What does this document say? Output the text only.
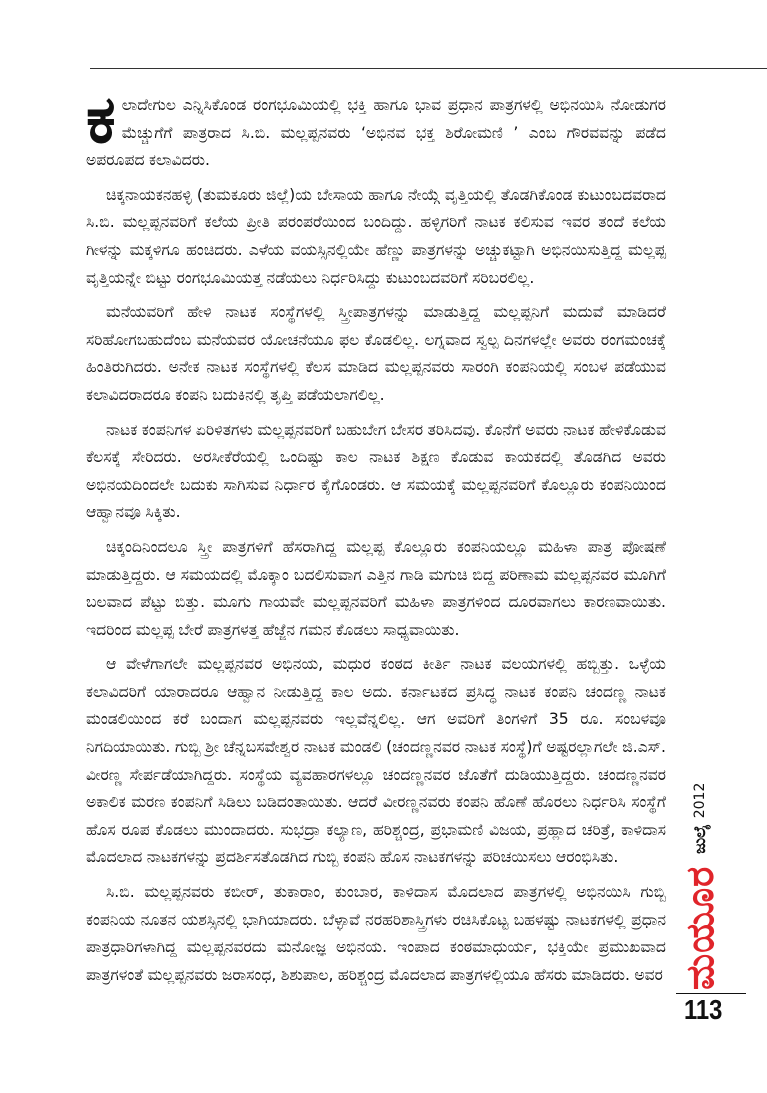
ಕಲಾದೇಗುಲ ಎನ್ನಿಸಿಕೊಂಡ ರಂಗಭೂಮಿಯಲ್ಲಿ ಭಕ್ತಿ ಹಾಗೂ ಭಾವ ಪ್ರಧಾನ ಪಾತ್ರಗಳಲ್ಲಿ ಅಭಿನಯಿಸಿ ನೋಡುಗರ ಮೆಚ್ಚುಗೆಗೆ ಪಾತ್ರರಾದ ಸಿ.ಬಿ. ಮಲ್ಲಪ್ಪನವರು ‘ಅಭಿನವ ಭಕ್ತ ಶಿರೋಮಣಿ ’ ಎಂಬ ಗೌರವವನ್ನು ಪಡೆದ ಅಪರೂಪದ ಕಲಾವಿದರು.

ಚಿಕ್ಕನಾಯಕನಹಳ್ಳಿ (ತುಮಕೂರು ಜಿಲ್ಲೆ)ಯ ಬೇಸಾಯ ಹಾಗೂ ನೇಯ್ಗೆ ವೃತ್ತಿಯಲ್ಲಿ ತೊಡಗಿಕೊಂಡ ಕುಟುಂಬದವರಾದ ಸಿ.ಬಿ. ಮಲ್ಲಪ್ಪನವರಿಗೆ ಕಲೆಯ ಪ್ರೀತಿ ಪರಂಪರೆಯಿಂದ ಬಂದಿದ್ದು. ಹಳ್ಳಿಗರಿಗೆ ನಾಟಕ ಕಲಿಸುವ ಇವರ ತಂದೆ ಕಲೆಯ ಗೀಳನ್ನು ಮಕ್ಕಳಿಗೂ ಹಂಚಿದರು. ಎಳೆಯ ವಯಸ್ಸಿನಲ್ಲಿಯೇ ಹೆಣ್ಣು ಪಾತ್ರಗಳನ್ನು ಅಚ್ಚುಕಟ್ಟಾಗಿ ಅಭಿನಯಿಸುತ್ತಿದ್ದ ಮಲ್ಲಪ್ಪ ವೃತ್ತಿಯನ್ನೇ ಬಿಟ್ಟು ರಂಗಭೂಮಿಯತ್ತ ನಡೆಯಲು ನಿರ್ಧರಿಸಿದ್ದು ಕುಟುಂಬದವರಿಗೆ ಸರಿಬರಲಿಲ್ಲ.

ಮನೆಯವರಿಗೆ ಹೇಳಿ ನಾಟಕ ಸಂಸ್ಥೆಗಳಲ್ಲಿ ಸ್ತ್ರೀಪಾತ್ರಗಳನ್ನು ಮಾಡುತ್ತಿದ್ದ ಮಲ್ಲಪ್ಪನಿಗೆ ಮದುವೆ ಮಾಡಿದರೆ ಸರಿಹೋಗಬಹುದೆಂಬ ಮನೆಯವರ ಯೋಚನೆಯೂ ಫಲ ಕೊಡಲಿಲ್ಲ. ಲಗ್ನವಾದ ಸ್ವಲ್ಪ ದಿನಗಳಲ್ಲೇ ಅವರು ರಂಗಮಂಚಕ್ಕೆ ಹಿಂತಿರುಗಿದರು. ಅನೇಕ ನಾಟಕ ಸಂಸ್ಥೆಗಳಲ್ಲಿ ಕೆಲಸ ಮಾಡಿದ ಮಲ್ಲಪ್ಪನವರು ಸಾರಂಗಿ ಕಂಪನಿಯಲ್ಲಿ ಸಂಬಳ ಪಡೆಯುವ ಕಲಾವಿದರಾದರೂ ಕಂಪನಿ ಬದುಕಿನಲ್ಲಿ ತೃಪ್ತಿ ಪಡೆಯಲಾಗಲಿಲ್ಲ.

ನಾಟಕ ಕಂಪನಿಗಳ ಏರಿಳಿತಗಳು ಮಲ್ಲಪ್ಪನವರಿಗೆ ಬಹುಬೇಗ ಬೇಸರ ತರಿಸಿದವು. ಕೊನೆಗೆ ಅವರು ನಾಟಕ ಹೇಳಿಕೊಡುವ ಕೆಲಸಕ್ಕೆ ಸೇರಿದರು. ಅರಸೀಕೆರೆಯಲ್ಲಿ ಒಂದಿಷ್ಟು ಕಾಲ ನಾಟಕ ಶಿಕ್ಷಣ ಕೊಡುವ ಕಾಯಕದಲ್ಲಿ ತೊಡಗಿದ ಅವರು ಅಭಿನಯದಿಂದಲೇ ಬದುಕು ಸಾಗಿಸುವ ನಿರ್ಧಾರ ಕೈಗೊಂಡರು. ಆ ಸಮಯಕ್ಕೆ ಮಲ್ಲಪ್ಪನವರಿಗೆ ಕೊಲ್ಲೂರು ಕಂಪನಿಯಿಂದ ಆಹ್ವಾನವೂ ಸಿಕ್ಕಿತು.

ಚಿಕ್ಕಂದಿನಿಂದಲೂ ಸ್ತ್ರೀ ಪಾತ್ರಗಳಿಗೆ ಹೆಸರಾಗಿದ್ದ ಮಲ್ಲಪ್ಪ ಕೊಲ್ಲೂರು ಕಂಪನಿಯಲ್ಲೂ ಮಹಿಳಾ ಪಾತ್ರ ಪೋಷಣೆ ಮಾಡುತ್ತಿದ್ದರು. ಆ ಸಮಯದಲ್ಲಿ ಮೊಕ್ಕಾಂ ಬದಲಿಸುವಾಗ ಎತ್ತಿನ ಗಾಡಿ ಮಗುಚಿ ಬಿದ್ದ ಪರಿಣಾಮ ಮಲ್ಲಪ್ಪನವರ ಮೂಗಿಗೆ ಬಲವಾದ ಪೆಟ್ಟು ಬಿತ್ತು. ಮೂಗು ಗಾಯವೇ ಮಲ್ಲಪ್ಪನವರಿಗೆ ಮಹಿಳಾ ಪಾತ್ರಗಳಿಂದ ದೂರವಾಗಲು ಕಾರಣವಾಯಿತು. ಇದರಿಂದ ಮಲ್ಲಪ್ಪ ಬೇರೆ ಪಾತ್ರಗಳತ್ತ ಹೆಜ್ಜೆನ ಗಮನ ಕೊಡಲು ಸಾಧ್ಯವಾಯಿತು.

ಆ ವೇಳೆಗಾಗಲೇ ಮಲ್ಲಪ್ಪನವರ ಅಭಿನಯ, ಮಧುರ ಕಂಠದ ಕೀರ್ತಿ ನಾಟಕ ವಲಯಗಳಲ್ಲಿ ಹಬ್ಬಿತ್ತು. ಒಳ್ಳೆಯ ಕಲಾವಿದರಿಗೆ ಯಾರಾದರೂ ಆಹ್ವಾನ ನೀಡುತ್ತಿದ್ದ ಕಾಲ ಅದು. ಕರ್ನಾಟಕದ ಪ್ರಸಿದ್ಧ ನಾಟಕ ಕಂಪನಿ ಚಂದಣ್ಣ ನಾಟಕ ಮಂಡಲಿಯಿಂದ ಕರೆ ಬಂದಾಗ ಮಲ್ಲಪ್ಪನವರು ಇಲ್ಲವೆನ್ನಲಿಲ್ಲ. ಆಗ ಅವರಿಗೆ ತಿಂಗಳಿಗೆ 35 ರೂ. ಸಂಬಳವೂ ನಿಗದಿಯಾಯಿತು. ಗುಬ್ಬಿ ಶ್ರೀ ಚೆನ್ನಬಸವೇಶ್ವರ ನಾಟಕ ಮಂಡಲಿ (ಚಂದಣ್ಣನವರ ನಾಟಕ ಸಂಸ್ಥೆ)ಗೆ ಅಷ್ಟರಲ್ಲಾಗಲೇ ಜಿ.ಎಸ್. ವೀರಣ್ಣ ಸೇರ್ಪಡೆಯಾಗಿದ್ದರು. ಸಂಸ್ಥೆಯ ವ್ಯವಹಾರಗಳಲ್ಲೂ ಚಂದಣ್ಣನವರ ಜೊತೆಗೆ ದುಡಿಯುತ್ತಿದ್ದರು. ಚಂದಣ್ಣನವರ ಅಕಾಲಿಕ ಮರಣ ಕಂಪನಿಗೆ ಸಿಡಿಲು ಬಡಿದಂತಾಯಿತು. ಆದರೆ ವೀರಣ್ಣನವರು ಕಂಪನಿ ಹೊಣೆ ಹೊರಲು ನಿರ್ಧರಿಸಿ ಸಂಸ್ಥೆಗೆ ಹೊಸ ರೂಪ ಕೊಡಲು ಮುಂದಾದರು. ಸುಭದ್ರಾ ಕಲ್ಯಾಣ, ಹರಿಶ್ಚಂದ್ರ, ಪ್ರಭಾಮಣಿ ವಿಜಯ, ಪ್ರಹ್ಲಾದ ಚರಿತ್ರೆ, ಕಾಳಿದಾಸ ಮೊದಲಾದ ನಾಟಕಗಳನ್ನು ಪ್ರದರ್ಶಿಸತೊಡಗಿದ ಗುಬ್ಬಿ ಕಂಪನಿ ಹೊಸ ನಾಟಕಗಳನ್ನು ಪರಿಚಯಿಸಲು ಆರಂಭಿಸಿತು.

ಸಿ.ಬಿ. ಮಲ್ಲಪ್ಪನವರು ಕಬೀರ್, ತುಕಾರಾಂ, ಕುಂಬಾರ, ಕಾಳಿದಾಸ ಮೊದಲಾದ ಪಾತ್ರಗಳಲ್ಲಿ ಅಭಿನಯಿಸಿ ಗುಬ್ಬಿ ಕಂಪನಿಯ ನೂತನ ಯಶಸ್ಸಿನಲ್ಲಿ ಭಾಗಿಯಾದರು. ಬೆಳ್ಳಾವೆ ನರಹರಿಶಾಸ್ತ್ರಿಗಳು ರಚಿಸಿಕೊಟ್ಟ ಬಹಳಷ್ಟು ನಾಟಕಗಳಲ್ಲಿ ಪ್ರಧಾನ ಪಾತ್ರಧಾರಿಗಳಾಗಿದ್ದ ಮಲ್ಲಪ್ಪನವರದು ಮನೋಜ್ಞ ಅಭಿನಯ. ಇಂಪಾದ ಕಂಠಮಾಧುರ್ಯ, ಭಕ್ತಿಯೇ ಪ್ರಮುಖವಾದ ಪಾತ್ರಗಳಂತೆ ಮಲ್ಲಪ್ಪನವರು ಜರಾಸಂಧ, ಶಿಶುಪಾಲ, ಹರಿಶ್ಚಂದ್ರ ಮೊದಲಾದ ಪಾತ್ರಗಳಲ್ಲಿಯೂ ಹೆಸರು ಮಾಡಿದರು. ಅವರ ಮಯೂರ
ಜುಲೈ
2012
113
